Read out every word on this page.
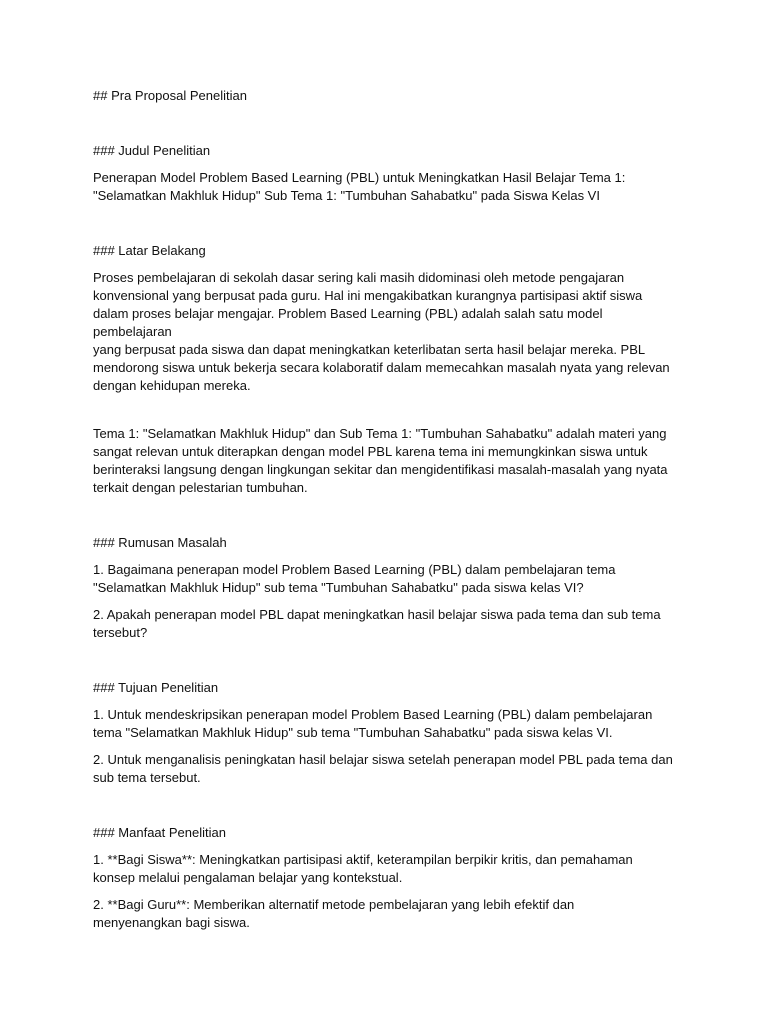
## Pra Proposal Penelitian
### Judul Penelitian
Penerapan Model Problem Based Learning (PBL) untuk Meningkatkan Hasil Belajar Tema 1:
"Selamatkan Makhluk Hidup" Sub Tema 1: "Tumbuhan Sahabatku" pada Siswa Kelas VI
### Latar Belakang
Proses pembelajaran di sekolah dasar sering kali masih didominasi oleh metode pengajaran
konvensional yang berpusat pada guru. Hal ini mengakibatkan kurangnya partisipasi aktif siswa
dalam proses belajar mengajar. Problem Based Learning (PBL) adalah salah satu model pembelajaran
yang berpusat pada siswa dan dapat meningkatkan keterlibatan serta hasil belajar mereka. PBL
mendorong siswa untuk bekerja secara kolaboratif dalam memecahkan masalah nyata yang relevan
dengan kehidupan mereka.
Tema 1: "Selamatkan Makhluk Hidup" dan Sub Tema 1: "Tumbuhan Sahabatku" adalah materi yang
sangat relevan untuk diterapkan dengan model PBL karena tema ini memungkinkan siswa untuk
berinteraksi langsung dengan lingkungan sekitar dan mengidentifikasi masalah-masalah yang nyata
terkait dengan pelestarian tumbuhan.
### Rumusan Masalah
1. Bagaimana penerapan model Problem Based Learning (PBL) dalam pembelajaran tema
"Selamatkan Makhluk Hidup" sub tema "Tumbuhan Sahabatku" pada siswa kelas VI?
2. Apakah penerapan model PBL dapat meningkatkan hasil belajar siswa pada tema dan sub tema
tersebut?
### Tujuan Penelitian
1. Untuk mendeskripsikan penerapan model Problem Based Learning (PBL) dalam pembelajaran
tema "Selamatkan Makhluk Hidup" sub tema "Tumbuhan Sahabatku" pada siswa kelas VI.
2. Untuk menganalisis peningkatan hasil belajar siswa setelah penerapan model PBL pada tema dan
sub tema tersebut.
### Manfaat Penelitian
1. **Bagi Siswa**: Meningkatkan partisipasi aktif, keterampilan berpikir kritis, dan pemahaman
konsep melalui pengalaman belajar yang kontekstual.
2. **Bagi Guru**: Memberikan alternatif metode pembelajaran yang lebih efektif dan
menyenangkan bagi siswa.
